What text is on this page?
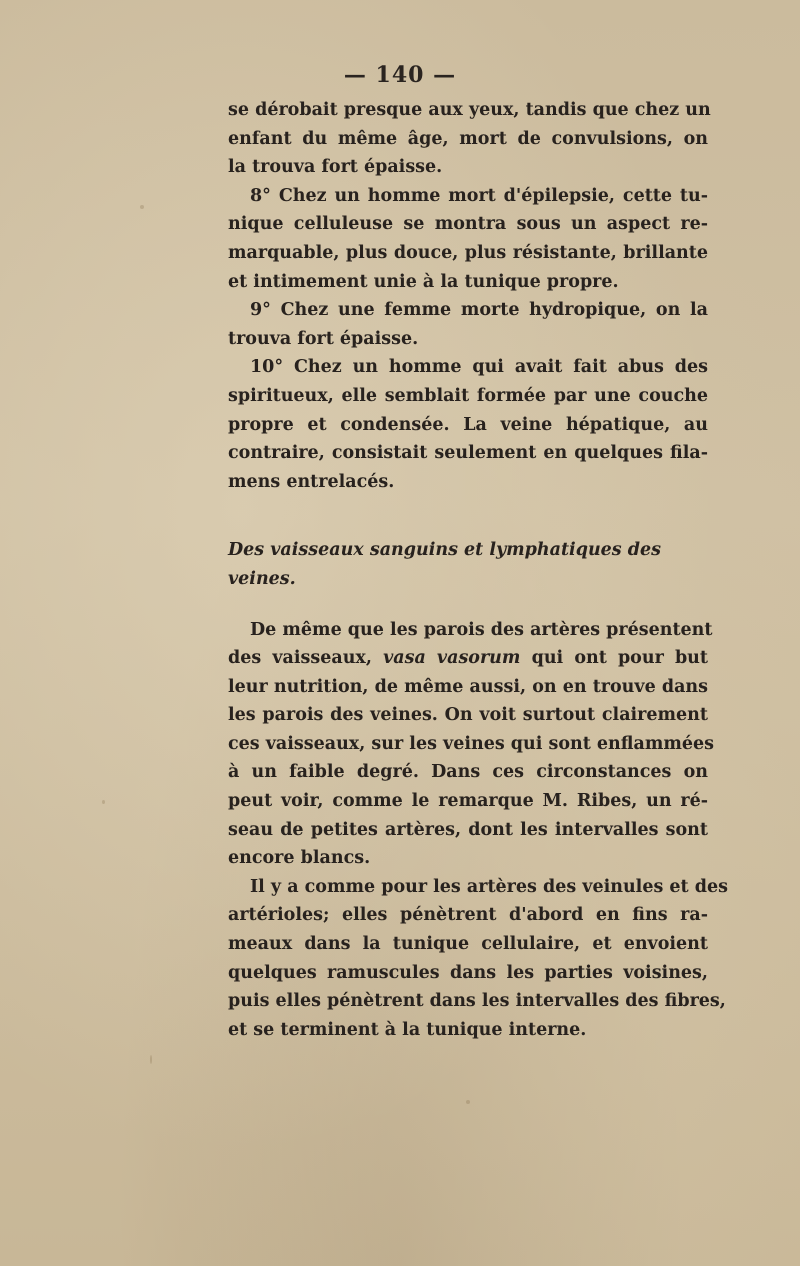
— 140 —

se dérobait presque aux yeux, tandis que chez un
enfant du même âge, mort de convulsions, on
la trouva fort épaisse.

8° Chez un homme mort d'épilepsie, cette tu-
nique celluleuse se montra sous un aspect re-
marquable, plus douce, plus résistante, brillante
et intimement unie à la tunique propre.

9° Chez une femme morte hydropique, on la
trouva fort épaisse.

10° Chez un homme qui avait fait abus des
spiritueux, elle semblait formée par une couche
propre et condensée. La veine hépatique, au
contraire, consistait seulement en quelques fila-
mens entrelacés.

Des vaisseaux sanguins et lymphatiques des veines.

De même que les parois des artères présentent
des vaisseaux, vasa vasorum qui ont pour but
leur nutrition, de même aussi, on en trouve dans
les parois des veines. On voit surtout clairement
ces vaisseaux, sur les veines qui sont enflammées
à un faible degré. Dans ces circonstances on
peut voir, comme le remarque M. Ribes, un ré-
seau de petites artères, dont les intervalles sont
encore blancs.

Il y a comme pour les artères des veinules et des
artérioles; elles pénètrent d'abord en fins ra-
meaux dans la tunique cellulaire, et envoient
quelques ramuscules dans les parties voisines,
puis elles pénètrent dans les intervalles des fibres,
et se terminent à la tunique interne.
